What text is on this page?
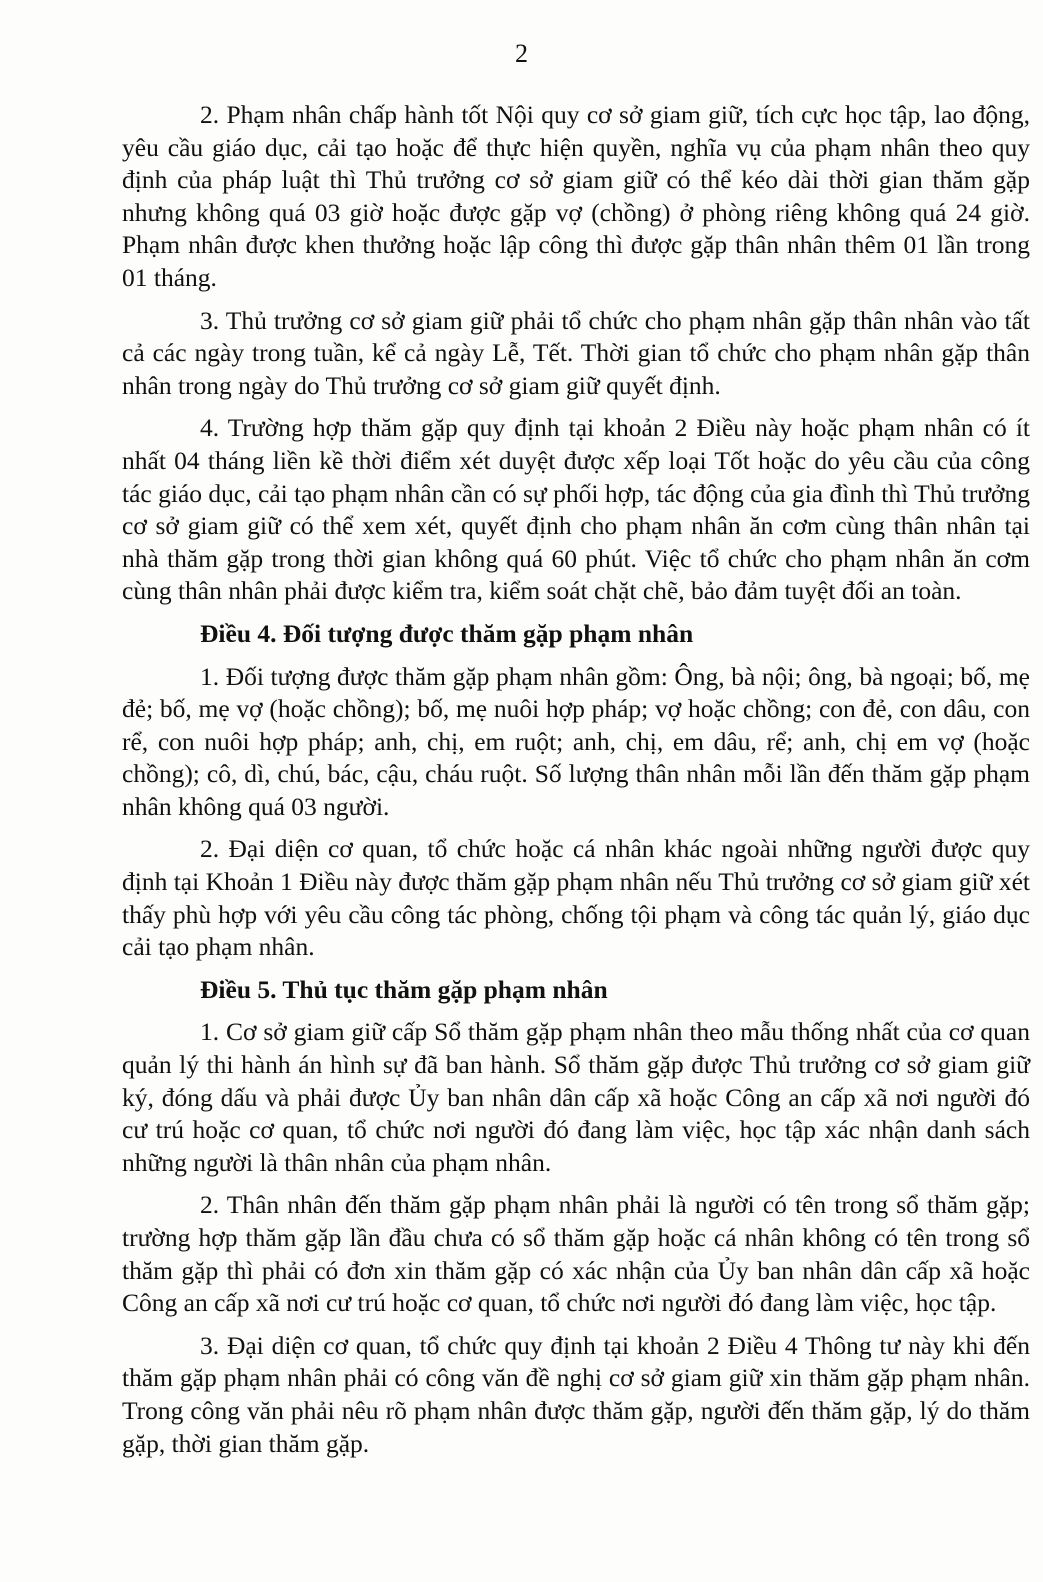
2

2. Phạm nhân chấp hành tốt Nội quy cơ sở giam giữ, tích cực học tập, lao động, yêu cầu giáo dục, cải tạo hoặc để thực hiện quyền, nghĩa vụ của phạm nhân theo quy định của pháp luật thì Thủ trưởng cơ sở giam giữ có thể kéo dài thời gian thăm gặp nhưng không quá 03 giờ hoặc được gặp vợ (chồng) ở phòng riêng không quá 24 giờ. Phạm nhân được khen thưởng hoặc lập công thì được gặp thân nhân thêm 01 lần trong 01 tháng.

3. Thủ trưởng cơ sở giam giữ phải tổ chức cho phạm nhân gặp thân nhân vào tất cả các ngày trong tuần, kể cả ngày Lễ, Tết. Thời gian tổ chức cho phạm nhân gặp thân nhân trong ngày do Thủ trưởng cơ sở giam giữ quyết định.

4. Trường hợp thăm gặp quy định tại khoản 2 Điều này hoặc phạm nhân có ít nhất 04 tháng liền kề thời điểm xét duyệt được xếp loại Tốt hoặc do yêu cầu của công tác giáo dục, cải tạo phạm nhân cần có sự phối hợp, tác động của gia đình thì Thủ trưởng cơ sở giam giữ có thể xem xét, quyết định cho phạm nhân ăn cơm cùng thân nhân tại nhà thăm gặp trong thời gian không quá 60 phút. Việc tổ chức cho phạm nhân ăn cơm cùng thân nhân phải được kiểm tra, kiểm soát chặt chẽ, bảo đảm tuyệt đối an toàn.

Điều 4. Đối tượng được thăm gặp phạm nhân

1. Đối tượng được thăm gặp phạm nhân gồm: Ông, bà nội; ông, bà ngoại; bố, mẹ đẻ; bố, mẹ vợ (hoặc chồng); bố, mẹ nuôi hợp pháp; vợ hoặc chồng; con đẻ, con dâu, con rể, con nuôi hợp pháp; anh, chị, em ruột; anh, chị, em dâu, rể; anh, chị em vợ (hoặc chồng); cô, dì, chú, bác, cậu, cháu ruột. Số lượng thân nhân mỗi lần đến thăm gặp phạm nhân không quá 03 người.

2. Đại diện cơ quan, tổ chức hoặc cá nhân khác ngoài những người được quy định tại Khoản 1 Điều này được thăm gặp phạm nhân nếu Thủ trưởng cơ sở giam giữ xét thấy phù hợp với yêu cầu công tác phòng, chống tội phạm và công tác quản lý, giáo dục cải tạo phạm nhân.

Điều 5. Thủ tục thăm gặp phạm nhân

1. Cơ sở giam giữ cấp Sổ thăm gặp phạm nhân theo mẫu thống nhất của cơ quan quản lý thi hành án hình sự đã ban hành. Sổ thăm gặp được Thủ trưởng cơ sở giam giữ ký, đóng dấu và phải được Ủy ban nhân dân cấp xã hoặc Công an cấp xã nơi người đó cư trú hoặc cơ quan, tổ chức nơi người đó đang làm việc, học tập xác nhận danh sách những người là thân nhân của phạm nhân.

2. Thân nhân đến thăm gặp phạm nhân phải là người có tên trong sổ thăm gặp; trường hợp thăm gặp lần đầu chưa có sổ thăm gặp hoặc cá nhân không có tên trong sổ thăm gặp thì phải có đơn xin thăm gặp có xác nhận của Ủy ban nhân dân cấp xã hoặc Công an cấp xã nơi cư trú hoặc cơ quan, tổ chức nơi người đó đang làm việc, học tập.

3. Đại diện cơ quan, tổ chức quy định tại khoản 2 Điều 4 Thông tư này khi đến thăm gặp phạm nhân phải có công văn đề nghị cơ sở giam giữ xin thăm gặp phạm nhân. Trong công văn phải nêu rõ phạm nhân được thăm gặp, người đến thăm gặp, lý do thăm gặp, thời gian thăm gặp.
